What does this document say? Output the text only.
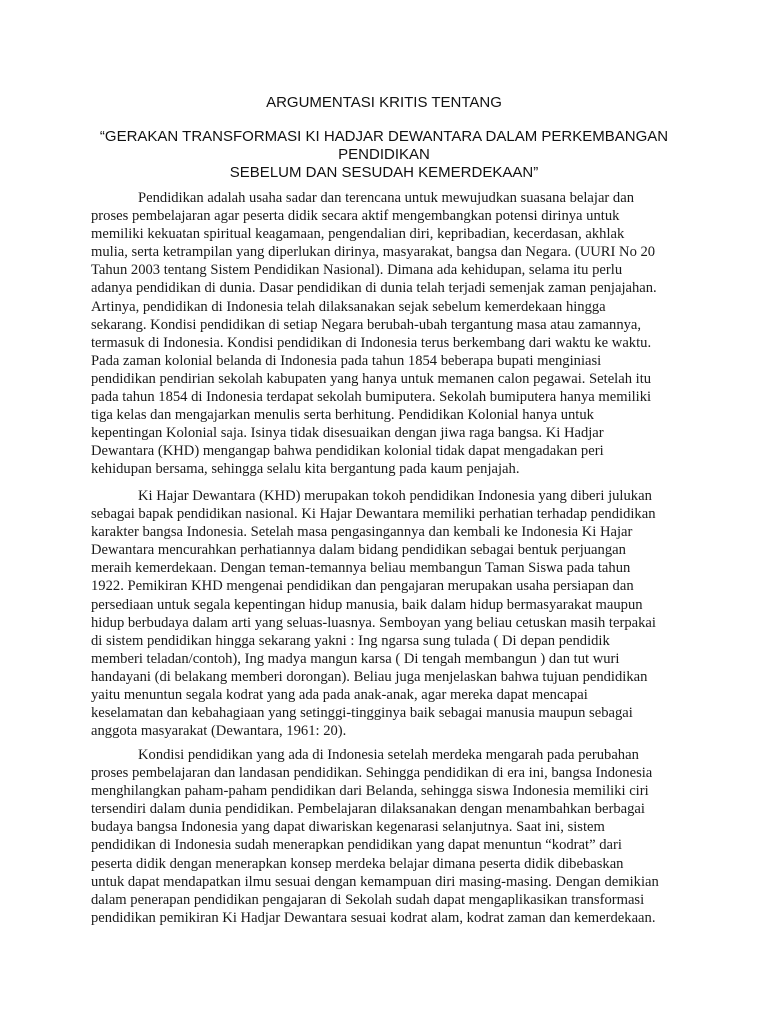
ARGUMENTASI KRITIS TENTANG
“GERAKAN TRANSFORMASI KI HADJAR DEWANTARA DALAM PERKEMBANGAN
PENDIDIKAN
SEBELUM DAN SESUDAH KEMERDEKAAN”
Pendidikan adalah usaha sadar dan terencana untuk mewujudkan suasana belajar dan
proses pembelajaran agar peserta didik secara aktif mengembangkan potensi dirinya untuk
memiliki kekuatan spiritual keagamaan, pengendalian diri, kepribadian, kecerdasan, akhlak
mulia, serta ketrampilan yang diperlukan dirinya, masyarakat, bangsa dan Negara. (UURI No 20
Tahun 2003 tentang Sistem Pendidikan Nasional). Dimana ada kehidupan, selama itu perlu
adanya pendidikan di dunia. Dasar pendidikan di dunia telah terjadi semenjak zaman penjajahan.
Artinya, pendidikan di Indonesia telah dilaksanakan sejak sebelum kemerdekaan hingga
sekarang. Kondisi pendidikan di setiap Negara berubah-ubah tergantung masa atau zamannya,
termasuk di Indonesia. Kondisi pendidikan di Indonesia terus berkembang dari waktu ke waktu.
Pada zaman kolonial belanda di Indonesia pada tahun 1854 beberapa bupati menginiasi
pendidikan pendirian sekolah kabupaten yang hanya untuk memanen calon pegawai. Setelah itu
pada tahun 1854 di Indonesia terdapat sekolah bumiputera. Sekolah bumiputera hanya memiliki
tiga kelas dan mengajarkan menulis serta berhitung. Pendidikan Kolonial hanya untuk
kepentingan Kolonial saja. Isinya tidak disesuaikan dengan jiwa raga bangsa. Ki Hadjar
Dewantara (KHD) mengangap bahwa pendidikan kolonial tidak dapat mengadakan peri
kehidupan bersama, sehingga selalu kita bergantung pada kaum penjajah.
Ki Hajar Dewantara (KHD) merupakan tokoh pendidikan Indonesia yang diberi julukan
sebagai bapak pendidikan nasional. Ki Hajar Dewantara memiliki perhatian terhadap pendidikan
karakter bangsa Indonesia. Setelah masa pengasingannya dan kembali ke Indonesia Ki Hajar
Dewantara mencurahkan perhatiannya dalam bidang pendidikan sebagai bentuk perjuangan
meraih kemerdekaan. Dengan teman-temannya beliau membangun Taman Siswa pada tahun
1922. Pemikiran KHD mengenai pendidikan dan pengajaran merupakan usaha persiapan dan
persediaan untuk segala kepentingan hidup manusia, baik dalam hidup bermasyarakat maupun
hidup berbudaya dalam arti yang seluas-luasnya. Semboyan yang beliau cetuskan masih terpakai
di sistem pendidikan hingga sekarang yakni : Ing ngarsa sung tulada ( Di depan pendidik
memberi teladan/contoh), Ing madya mangun karsa ( Di tengah membangun ) dan tut wuri
handayani (di belakang memberi dorongan). Beliau juga menjelaskan bahwa tujuan pendidikan
yaitu menuntun segala kodrat yang ada pada anak-anak, agar mereka dapat mencapai
keselamatan dan kebahagiaan yang setinggi-tingginya baik sebagai manusia maupun sebagai
anggota masyarakat (Dewantara, 1961: 20).
Kondisi pendidikan yang ada di Indonesia setelah merdeka mengarah pada perubahan
proses pembelajaran dan landasan pendidikan. Sehingga pendidikan di era ini, bangsa Indonesia
menghilangkan paham-paham pendidikan dari Belanda, sehingga siswa Indonesia memiliki ciri
tersendiri dalam dunia pendidikan. Pembelajaran dilaksanakan dengan menambahkan berbagai
budaya bangsa Indonesia yang dapat diwariskan kegenarasi selanjutnya. Saat ini, sistem
pendidikan di Indonesia sudah menerapkan pendidikan yang dapat menuntun “kodrat” dari
peserta didik dengan menerapkan konsep merdeka belajar dimana peserta didik dibebaskan
untuk dapat mendapatkan ilmu sesuai dengan kemampuan diri masing-masing. Dengan demikian
dalam penerapan pendidikan pengajaran di Sekolah sudah dapat mengaplikasikan transformasi
pendidikan pemikiran Ki Hadjar Dewantara sesuai kodrat alam, kodrat zaman dan kemerdekaan.
